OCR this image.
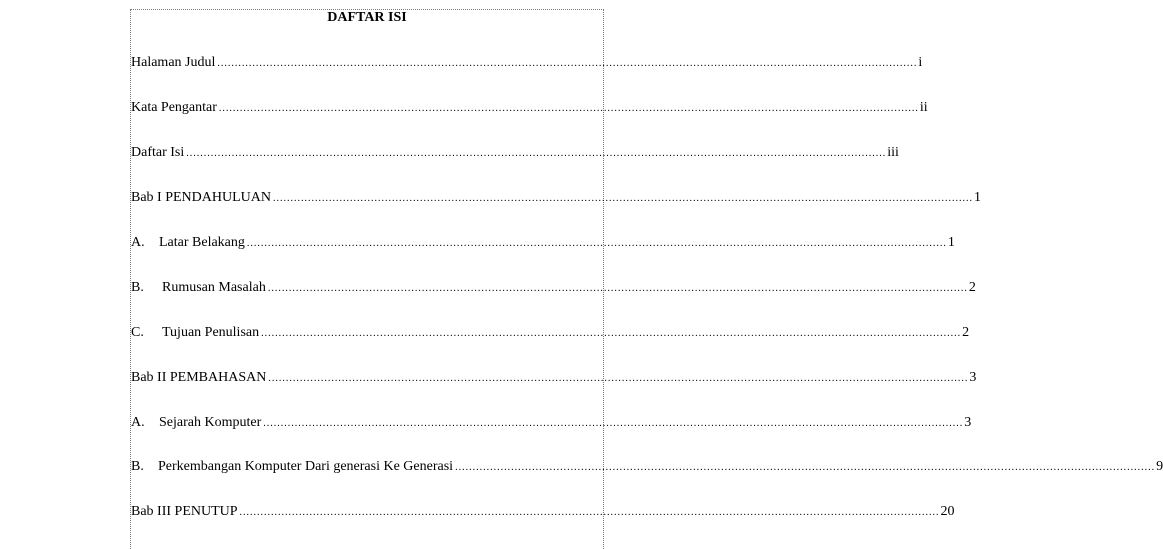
DAFTAR ISI
Halaman Judul ........................................................................................................................................................................................................ i
Kata Pengantar ........................................................................................................................................................................................................ ii
Daftar Isi ........................................................................................................................................................................................................ iii
Bab I PENDAHULUAN ........................................................................................................................................................................................................ 1
A. Latar Belakang ........................................................................................................................................................................................................ 1
B. Rumusan Masalah ........................................................................................................................................................................................................ 2
C. Tujuan Penulisan ........................................................................................................................................................................................................ 2
Bab II PEMBAHASAN ........................................................................................................................................................................................................ 3
A. Sejarah Komputer ........................................................................................................................................................................................................ 3
B. Perkembangan Komputer Dari generasi Ke Generasi ........................................................................................................................................................................................................ 9
Bab III PENUTUP ........................................................................................................................................................................................................ 20
